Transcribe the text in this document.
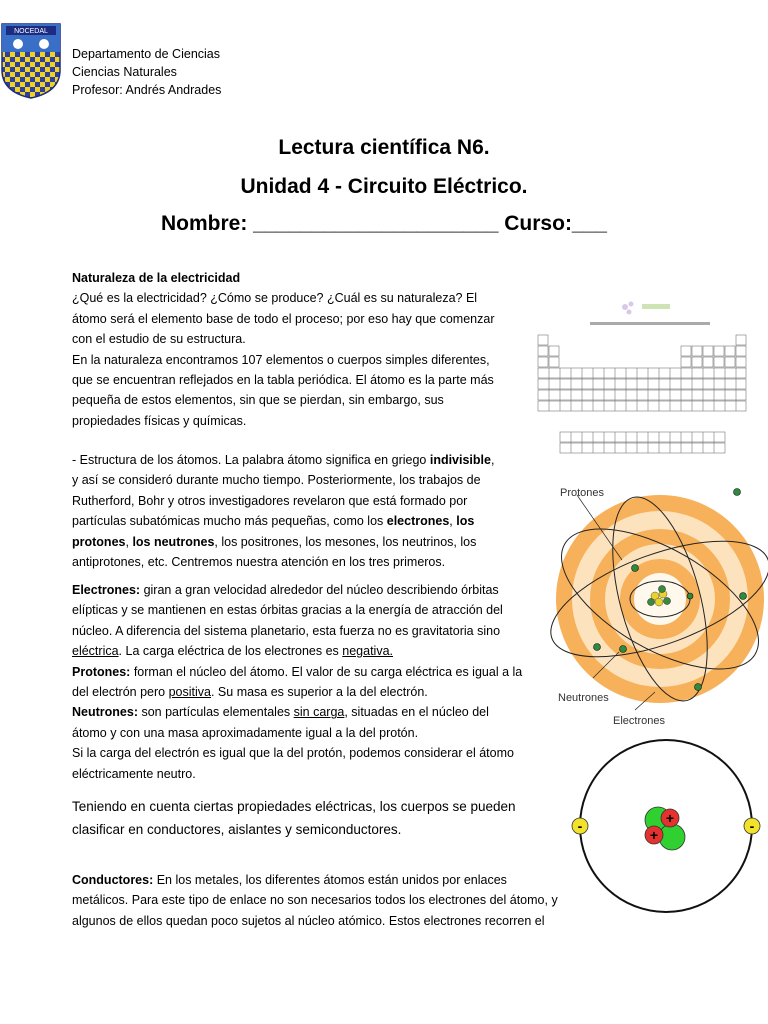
NOCEDAL
Departamento de Ciencias
Ciencias Naturales
Profesor: Andrés Andrades
Lectura científica N6.
Unidad 4 - Circuito Eléctrico.
Nombre: _____________________ Curso:___
Naturaleza de la electricidad
¿Qué es la electricidad? ¿Cómo se produce? ¿Cuál es su naturaleza? El
átomo será el elemento base de todo el proceso; por eso hay que comenzar
con el estudio de su estructura.
En la naturaleza encontramos 107 elementos o cuerpos simples diferentes,
que se encuentran reflejados en la tabla periódica. El átomo es la parte más
pequeña de estos elementos, sin que se pierdan, sin embargo, sus
propiedades físicas y químicas.
- Estructura de los átomos. La palabra átomo significa en griego indivisible,
y así se consideró durante mucho tiempo. Posteriormente, los trabajos de
Rutherford, Bohr y otros investigadores revelaron que está formado por
partículas subatómicas mucho más pequeñas, como los electrones, los
protones, los neutrones, los positrones, los mesones, los neutrinos, los
antiprotones, etc. Centremos nuestra atención en los tres primeros.
Electrones: giran a gran velocidad alrededor del núcleo describiendo órbitas
elípticas y se mantienen en estas órbitas gracias a la energía de atracción del
núcleo. A diferencia del sistema planetario, esta fuerza no es gravitatoria sino
eléctrica. La carga eléctrica de los electrones es negativa.
Protones: forman el núcleo del átomo. El valor de su carga eléctrica es igual a la
del electrón pero positiva. Su masa es superior a la del electrón.
Neutrones: son partículas elementales sin carga, situadas en el núcleo del
átomo y con una masa aproximadamente igual a la del protón.
Si la carga del electrón es igual que la del protón, podemos considerar el átomo
eléctricamente neutro.
Teniendo en cuenta ciertas propiedades eléctricas, los cuerpos se pueden
clasificar en conductores, aislantes y semiconductores.
Conductores: En los metales, los diferentes átomos están unidos por enlaces
metálicos. Para este tipo de enlace no son necesarios todos los electrones del átomo, y
algunos de ellos quedan poco sujetos al núcleo atómico. Estos electrones recorren el
Protones
Neutrones
Electrones
+
+
-	-
